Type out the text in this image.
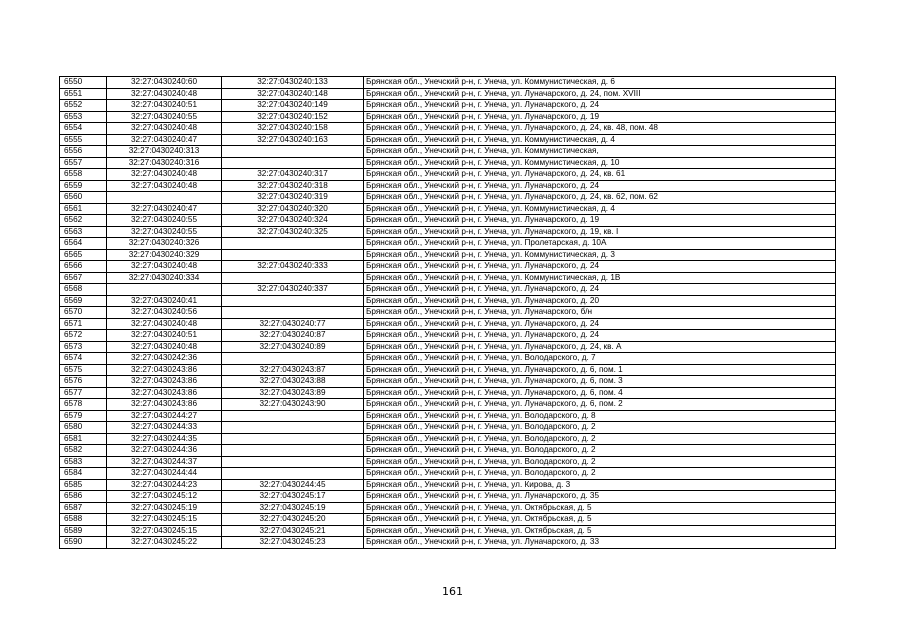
6550	32:27:0430240:60	32:27:0430240:133	Брянская обл., Унечский р-н, г. Унеча, ул. Коммунистическая, д. 6
6551	32:27:0430240:48	32:27:0430240:148	Брянская обл., Унечский р-н, г. Унеча, ул. Луначарского, д. 24, пом. XVIII
6552	32:27:0430240:51	32:27:0430240:149	Брянская обл., Унечский р-н, г. Унеча, ул. Луначарского, д. 24
6553	32:27:0430240:55	32:27:0430240:152	Брянская обл., Унечский р-н, г. Унеча, ул. Луначарского, д. 19
6554	32:27:0430240:48	32:27:0430240:158	Брянская обл., Унечский р-н, г. Унеча, ул. Луначарского, д. 24, кв. 48, пом. 48
6555	32:27:0430240:47	32:27:0430240:163	Брянская обл., Унечский р-н, г. Унеча, ул. Коммунистическая, д. 4
6556	32:27:0430240:313		Брянская обл., Унечский р-н, г. Унеча, ул. Коммунистическая,
6557	32:27:0430240:316		Брянская обл., Унечский р-н, г. Унеча, ул. Коммунистическая, д. 10
6558	32:27:0430240:48	32:27:0430240:317	Брянская обл., Унечский р-н, г. Унеча, ул. Луначарского, д. 24, кв. 61
6559	32:27:0430240:48	32:27:0430240:318	Брянская обл., Унечский р-н, г. Унеча, ул. Луначарского, д. 24
6560		32:27:0430240:319	Брянская обл., Унечский р-н, г. Унеча, ул. Луначарского, д. 24, кв. 62, пом. 62
6561	32:27:0430240:47	32:27:0430240:320	Брянская обл., Унечский р-н, г. Унеча, ул. Коммунистическая, д. 4
6562	32:27:0430240:55	32:27:0430240:324	Брянская обл., Унечский р-н, г. Унеча, ул. Луначарского, д. 19
6563	32:27:0430240:55	32:27:0430240:325	Брянская обл., Унечский р-н, г. Унеча, ул. Луначарского, д. 19, кв. I
6564	32:27:0430240:326		Брянская обл., Унечский р-н, г. Унеча, ул. Пролетарская, д. 10А
6565	32:27:0430240:329		Брянская обл., Унечский р-н, г. Унеча, ул. Коммунистическая, д. 3
6566	32:27:0430240:48	32:27:0430240:333	Брянская обл., Унечский р-н, г. Унеча, ул. Луначарского, д. 24
6567	32:27:0430240:334		Брянская обл., Унечский р-н, г. Унеча, ул. Коммунистическая, д. 1В
6568		32:27:0430240:337	Брянская обл., Унечский р-н, г. Унеча, ул. Луначарского, д. 24
6569	32:27:0430240:41		Брянская обл., Унечский р-н, г. Унеча, ул. Луначарского, д. 20
6570	32:27:0430240:56		Брянская обл., Унечский р-н, г. Унеча, ул. Луначарского, б/н
6571	32:27:0430240:48	32:27:0430240:77	Брянская обл., Унечский р-н, г. Унеча, ул. Луначарского, д. 24
6572	32:27:0430240:51	32:27:0430240:87	Брянская обл., Унечский р-н, г. Унеча, ул. Луначарского, д. 24
6573	32:27:0430240:48	32:27:0430240:89	Брянская обл., Унечский р-н, г. Унеча, ул. Луначарского, д. 24, кв. А
6574	32:27:0430242:36		Брянская обл., Унечский р-н, г. Унеча, ул. Володарского, д. 7
6575	32:27:0430243:86	32:27:0430243:87	Брянская обл., Унечский р-н, г. Унеча, ул. Луначарского, д. 6, пом. 1
6576	32:27:0430243:86	32:27:0430243:88	Брянская обл., Унечский р-н, г. Унеча, ул. Луначарского, д. 6, пом. 3
6577	32:27:0430243:86	32:27:0430243:89	Брянская обл., Унечский р-н, г. Унеча, ул. Луначарского, д. 6, пом. 4
6578	32:27:0430243:86	32:27:0430243:90	Брянская обл., Унечский р-н, г. Унеча, ул. Луначарского, д. 6, пом. 2
6579	32:27:0430244:27		Брянская обл., Унечский р-н, г. Унеча, ул. Володарского, д. 8
6580	32:27:0430244:33		Брянская обл., Унечский р-н, г. Унеча, ул. Володарского, д. 2
6581	32:27:0430244:35		Брянская обл., Унечский р-н, г. Унеча, ул. Володарского, д. 2
6582	32:27:0430244:36		Брянская обл., Унечский р-н, г. Унеча, ул. Володарского, д. 2
6583	32:27:0430244:37		Брянская обл., Унечский р-н, г. Унеча, ул. Володарского, д. 2
6584	32:27:0430244:44		Брянская обл., Унечский р-н, г. Унеча, ул. Володарского, д. 2
6585	32:27:0430244:23	32:27:0430244:45	Брянская обл., Унечский р-н, г. Унеча, ул. Кирова, д. 3
6586	32:27:0430245:12	32:27:0430245:17	Брянская обл., Унечский р-н, г. Унеча, ул. Луначарского, д. 35
6587	32:27:0430245:19	32:27:0430245:19	Брянская обл., Унечский р-н, г. Унеча, ул. Октябрьская, д. 5
6588	32:27:0430245:15	32:27:0430245:20	Брянская обл., Унечский р-н, г. Унеча, ул. Октябрьская, д. 5
6589	32:27:0430245:15	32:27:0430245:21	Брянская обл., Унечский р-н, г. Унеча, ул. Октябрьская, д. 5
6590	32:27:0430245:22	32:27:0430245:23	Брянская обл., Унечский р-н, г. Унеча, ул. Луначарского, д. 33
161
